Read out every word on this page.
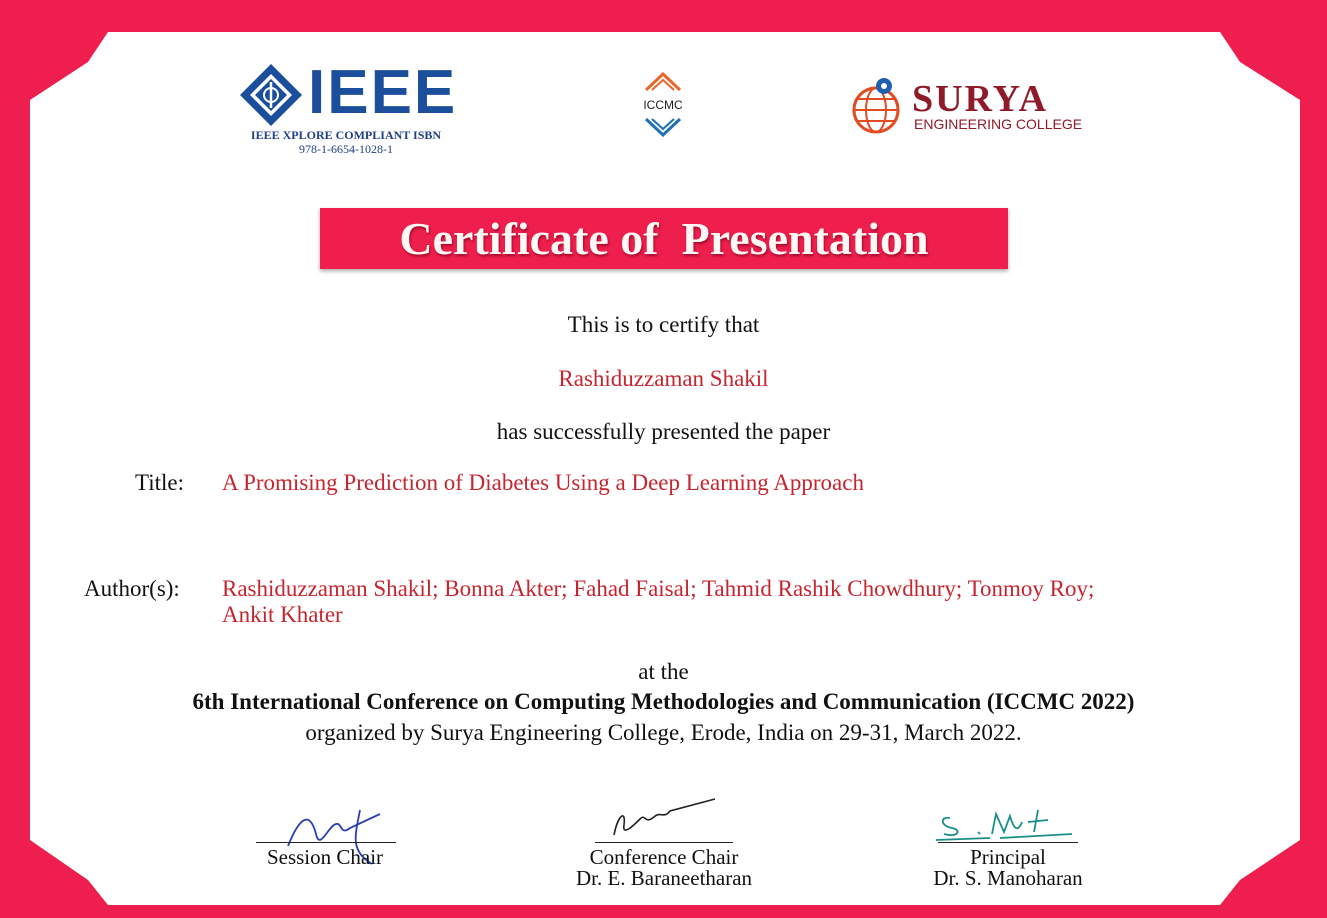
IEEE
IEEE XPLORE COMPLIANT ISBN
978-1-6654-1028-1
ICCMC	SURYA
ENGINEERING COLLEGE
Certificate of  Presentation
This is to certify that
Rashiduzzaman Shakil
has successfully presented the paper
Title: A Promising Prediction of Diabetes Using a Deep Learning Approach
Author(s): Rashiduzzaman Shakil; Bonna Akter; Fahad Faisal; Tahmid Rashik Chowdhury; Tonmoy Roy;
Ankit Khater
at the
6th International Conference on Computing Methodologies and Communication (ICCMC 2022)
organized by Surya Engineering College, Erode, India on 29-31, March 2022.
Session Chair	Conference Chair
Dr. E. Baraneetharan
Principal
Dr. S. Manoharan
